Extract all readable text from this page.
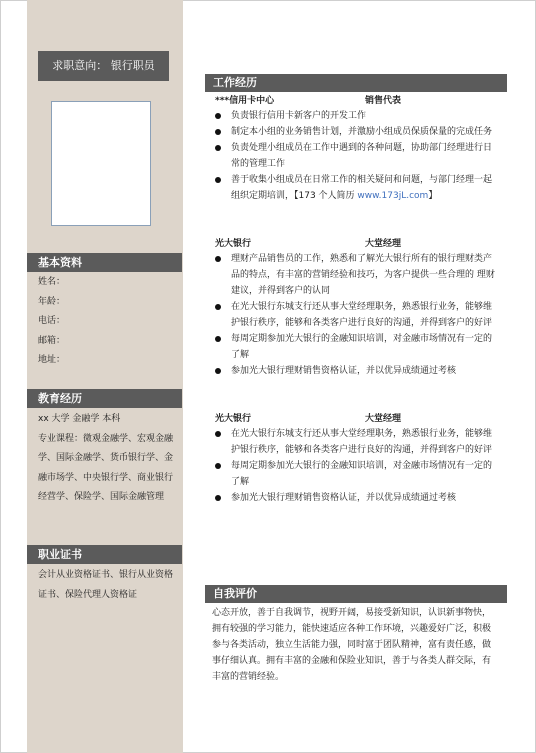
求职意向： 银行职员
基本资料
姓名：
年龄：
电话：
邮箱：
地址：
教育经历
xx 大学 金融学 本科
专业课程：微观金融学、宏观金融学、国际金融学、货币银行学、金融市场学、中央银行学、商业银行经营学、保险学、国际金融管理
职业证书
会计从业资格证书、银行从业资格证书、保险代理人资格证
工作经历
***信用卡中心	销售代表
负责银行信用卡新客户的开发工作
制定本小组的业务销售计划，并激励小组成员保质保量的完成任务
负责处理小组成员在工作中遇到的各种问题，协助部门经理进行日常的管理工作
善于收集小组成员在日常工作的相关疑问和问题，与部门经理一起组织定期培训，【173 个人简历 www.173jL.com】
光大银行	大堂经理
理财产品销售员的工作，熟悉和了解光大银行所有的银行理财类产品的特点，有丰富的营销经验和技巧，为客户提供一些合理的 理财建议，并得到客户的认同
在光大银行东城支行还从事大堂经理职务，熟悉银行业务，能够维护银行秩序，能够和各类客户进行良好的沟通，并得到客户的好评
每周定期参加光大银行的金融知识培训，对金融市场情况有一定的了解
参加光大银行理财销售资格认证，并以优异成绩通过考核
光大银行	大堂经理
在光大银行东城支行还从事大堂经理职务，熟悉银行业务，能够维护银行秩序，能够和各类客户进行良好的沟通，并得到客户的好评
每周定期参加光大银行的金融知识培训，对金融市场情况有一定的了解
参加光大银行理财销售资格认证，并以优异成绩通过考核
自我评价
心态开放，善于自我调节，视野开阔，易接受新知识，认识新事物快，拥有较强的学习能力，能快速适应各种工作环境，兴趣爱好广泛，积极参与各类活动，独立生活能力强，同时富于团队精神，富有责任感，做事仔细认真。拥有丰富的金融和保险业知识，善于与各类人群交际，有丰富的营销经验。
